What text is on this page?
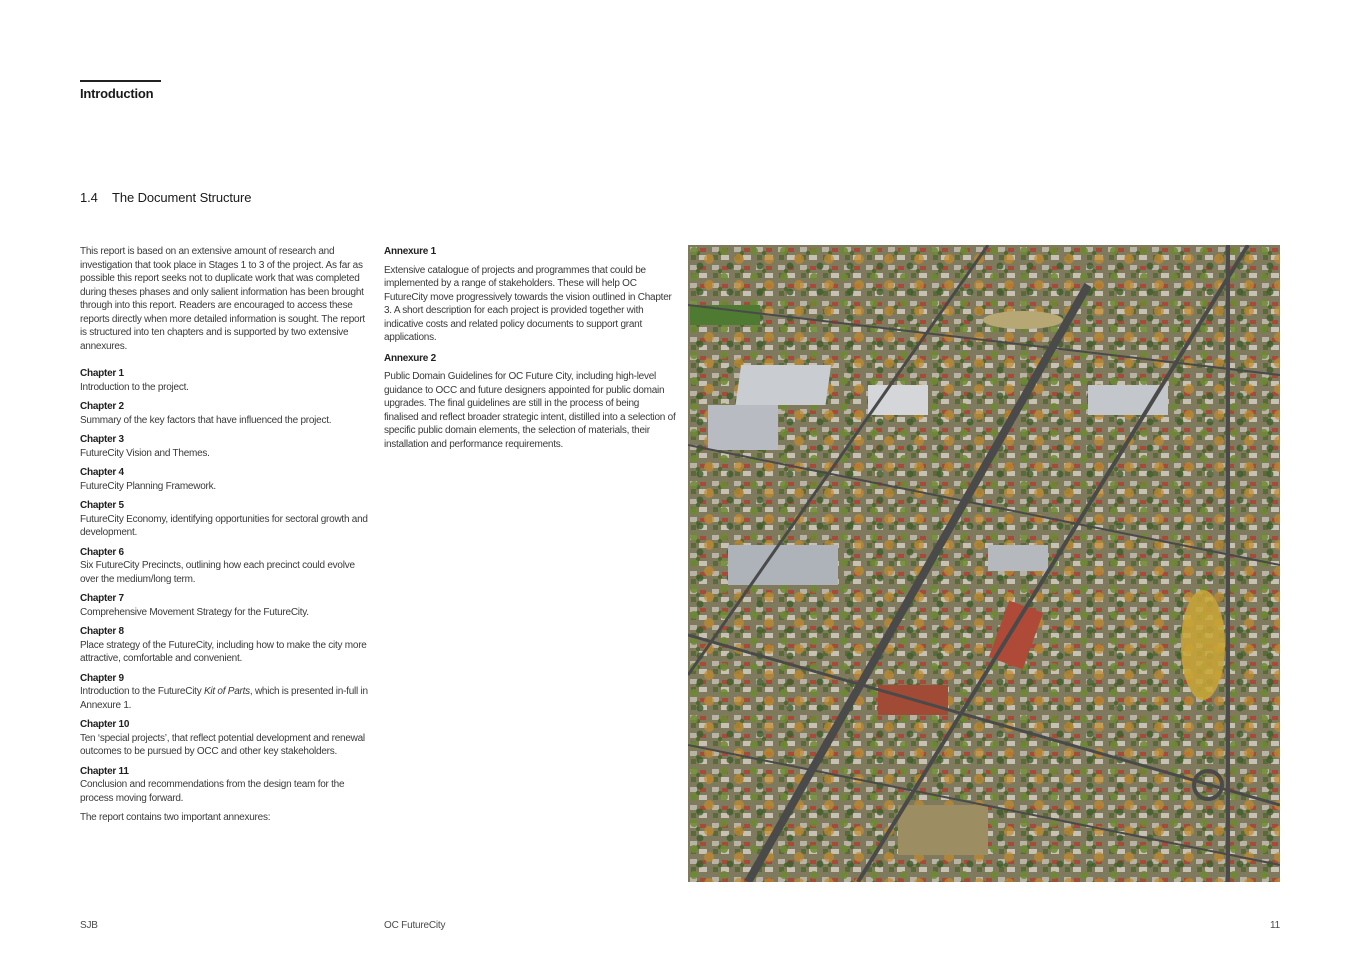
Introduction
1.4 The Document Structure

This report is based on an extensive amount of research and investigation that took place in Stages 1 to 3 of the project. As far as possible this report seeks not to duplicate work that was completed during theses phases and only salient information has been brought through into this report. Readers are encouraged to access these reports directly when more detailed information is sought. The report is structured into ten chapters and is supported by two extensive annexures.

Chapter 1

Introduction to the project.

Chapter 2

Summary of the key factors that have influenced the project.

Chapter 3

FutureCity Vision and Themes.

Chapter 4

FutureCity Planning Framework.

Chapter 5

FutureCity Economy, identifying opportunities for sectoral growth and development.

Chapter 6

Six FutureCity Precincts, outlining how each precinct could evolve over the medium/long term.

Chapter 7

Comprehensive Movement Strategy for the FutureCity.

Chapter 8

Place strategy of the FutureCity, including how to make the city more attractive, comfortable and convenient.

Chapter 9

Introduction to the FutureCity Kit of Parts, which is presented in-full in Annexure 1.

Chapter 10

Ten ‘special projects’, that reflect potential development and renewal outcomes to be pursued by OCC and other key stakeholders.

Chapter 11

Conclusion and recommendations from the design team for the process moving forward.

The report contains two important annexures:

Annexure 1

Extensive catalogue of projects and programmes that could be implemented by a range of stakeholders. These will help OC FutureCity move progressively towards the vision outlined in Chapter 3. A short description for each project is provided together with indicative costs and related policy documents to support grant applications.

Annexure 2

Public Domain Guidelines for OC Future City, including high-level guidance to OCC and future designers appointed for public domain upgrades. The final guidelines are still in the process of being finalised and reflect broader strategic intent, distilled into a selection of specific public domain elements, the selection of materials, their installation and performance requirements.

SJB	OC FutureCity	11
